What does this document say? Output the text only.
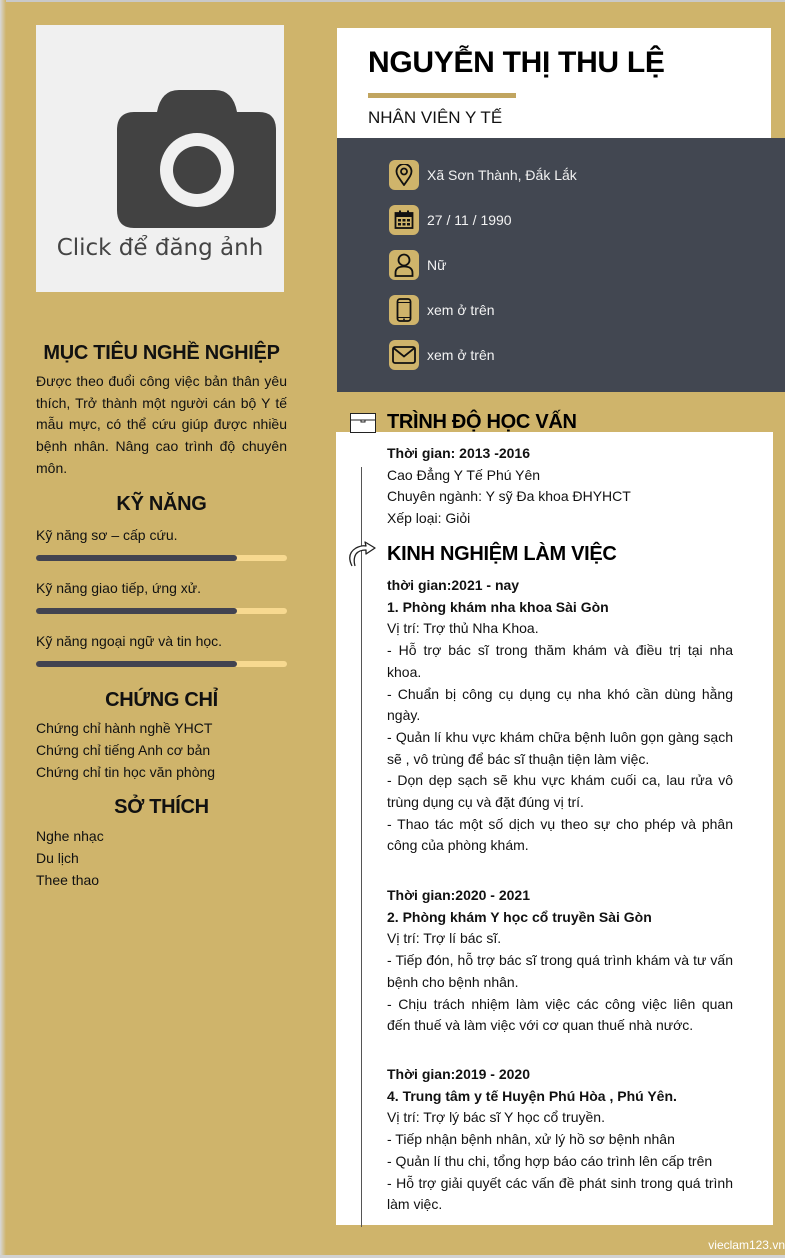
Click để đăng ảnh
MỤC TIÊU NGHỀ NGHIỆP
Được theo đuổi công việc bản thân yêu thích, Trở thành một người cán bộ Y tế mẫu mực, có thể cứu giúp được nhiều bệnh nhân. Nâng cao trình độ chuyên môn.
KỸ NĂNG
Kỹ năng sơ – cấp cứu.
Kỹ năng giao tiếp, ứng xử.
Kỹ năng ngoại ngữ và tin học.
CHỨNG CHỈ
Chứng chỉ hành nghề YHCT
Chứng chỉ tiếng Anh cơ bản
Chứng chỉ tin học văn phòng
SỞ THÍCH
Nghe nhạc
Du lịch
Thee thao
NGUYỄN THỊ THU LỆ
NHÂN VIÊN Y TẾ
Xã Sơn Thành, Đắk Lắk
27 / 11 / 1990
Nữ
xem ở trên
xem ở trên
TRÌNH ĐỘ HỌC VẤN
Thời gian: 2013 -2016
Cao Đẳng Y Tế Phú Yên
Chuyên ngành: Y sỹ Đa khoa ĐHYHCT
Xếp loại: Giỏi
KINH NGHIỆM LÀM VIỆC
thời gian:2021 - nay
1. Phòng khám nha khoa Sài Gòn
Vị trí: Trợ thủ Nha Khoa.
- Hỗ trợ bác sĩ trong thăm khám và điều trị tại nha khoa.
- Chuẩn bị công cụ dụng cụ nha khó cần dùng hằng ngày.
- Quản lí khu vực khám chữa bệnh luôn gọn gàng sạch sẽ , vô trùng để bác sĩ thuận tiện làm việc.
- Dọn dẹp sạch sẽ khu vực khám cuối ca, lau rửa vô trùng dụng cụ và đặt đúng vị trí.
- Thao tác một số dịch vụ theo sự cho phép và phân công của phòng khám.
Thời gian:2020 - 2021
2. Phòng khám Y học cổ truyền Sài Gòn
Vị trí: Trợ lí bác sĩ.
- Tiếp đón, hỗ trợ bác sĩ trong quá trình khám và tư vấn bệnh cho bệnh nhân.
- Chịu trách nhiệm làm việc các công việc liên quan đến thuế và làm việc với cơ quan thuế nhà nước.
Thời gian:2019 - 2020
4. Trung tâm y tế Huyện Phú Hòa , Phú Yên.
Vị trí: Trợ lý bác sĩ Y học cổ truyền.
- Tiếp nhận bệnh nhân, xử lý hồ sơ bệnh nhân
- Quản lí thu chi, tổng hợp báo cáo trình lên cấp trên
- Hỗ trợ giải quyết các vấn đề phát sinh trong quá trình làm việc.
vieclam123.vn
